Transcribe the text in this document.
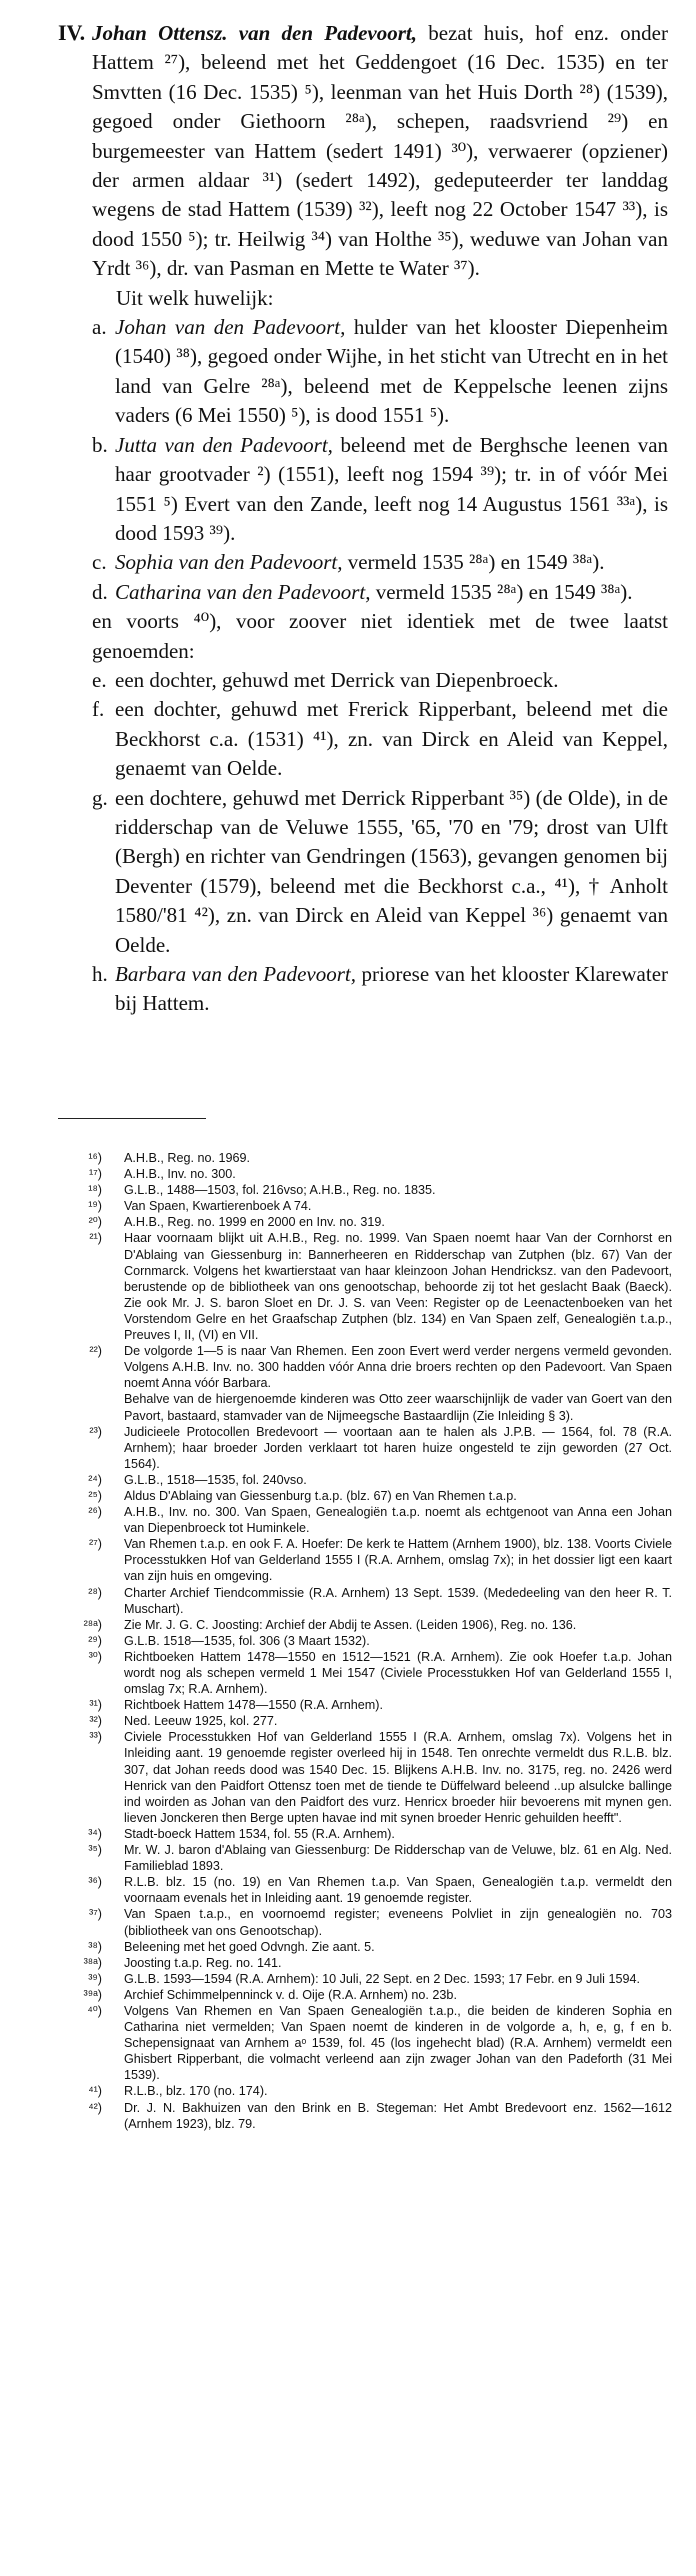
IV. Johan Ottensz. van den Padevoort, bezat huis, hof enz. onder Hattem ²⁷), beleend met het Geddengoet (16 Dec. 1535) en ter Smvtten (16 Dec. 1535) ⁵), leenman van het Huis Dorth ²⁸) (1539), gegoed onder Giethoorn ²⁸ᵃ), schepen, raadsvriend ²⁹) en burgemeester van Hattem (sedert 1491) ³⁰), verwaerer (opziener) der armen aldaar ³¹) (sedert 1492), gedeputeerder ter landdag wegens de stad Hattem (1539) ³²), leeft nog 22 October 1547 ³³), is dood 1550 ⁵); tr. Heilwig ³⁴) van Holthe ³⁵), weduwe van Johan van Yrdt ³⁶), dr. van Pasman en Mette te Water ³⁷).

Uit welk huwelijk:

a. Johan van den Padevoort, hulder van het klooster Diepenheim (1540) ³⁸), gegoed onder Wijhe, in het sticht van Utrecht en in het land van Gelre ²⁸ᵃ), beleend met de Keppelsche leenen zijns vaders (6 Mei 1550) ⁵), is dood 1551 ⁵).

b. Jutta van den Padevoort, beleend met de Berghsche leenen van haar grootvader ²) (1551), leeft nog 1594 ³⁹); tr. in of vóór Mei 1551 ⁵) Evert van den Zande, leeft nog 14 Augustus 1561 ³³ᵃ), is dood 1593 ³⁹).

c. Sophia van den Padevoort, vermeld 1535 ²⁸ᵃ) en 1549 ³⁸ᵃ).

d. Catharina van den Padevoort, vermeld 1535 ²⁸ᵃ) en 1549 ³⁸ᵃ).

en voorts ⁴⁰), voor zoover niet identiek met de twee laatst genoemden:

e. een dochter, gehuwd met Derrick van Diepenbroeck.

f. een dochter, gehuwd met Frerick Ripperbant, beleend met die Beckhorst c.a. (1531) ⁴¹), zn. van Dirck en Aleid van Keppel, genaemt van Oelde.

g. een dochtere, gehuwd met Derrick Ripperbant ³⁵) (de Olde), in de ridderschap van de Veluwe 1555, '65, '70 en '79; drost van Ulft (Bergh) en richter van Gendringen (1563), gevangen genomen bij Deventer (1579), beleend met die Beckhorst c.a., ⁴¹), † Anholt 1580/'81 ⁴²), zn. van Dirck en Aleid van Keppel ³⁶) genaemt van Oelde.

h. Barbara van den Padevoort, priorese van het klooster Klarewater bij Hattem.

¹⁶) A.H.B., Reg. no. 1969.
¹⁷) A.H.B., Inv. no. 300.
¹⁸) G.L.B., 1488—1503, fol. 216vso; A.H.B., Reg. no. 1835.
¹⁹) Van Spaen, Kwartierenboek A 74.
²⁰) A.H.B., Reg. no. 1999 en 2000 en Inv. no. 319.
²¹) Haar voornaam blijkt uit A.H.B., Reg. no. 1999. Van Spaen noemt haar Van der Cornhorst en D'Ablaing van Giessenburg in: Bannerheeren en Ridderschap van Zutphen (blz. 67) Van der Cornmarck. Volgens het kwartierstaat van haar kleinzoon Johan Hendricksz. van den Padevoort, berustende op de bibliotheek van ons genootschap, behoorde zij tot het geslacht Baak (Baeck). Zie ook Mr. J. S. baron Sloet en Dr. J. S. van Veen: Register op de Leenactenboeken van het Vorstendom Gelre en het Graafschap Zutphen (blz. 134) en Van Spaen zelf, Genealogiën t.a.p., Preuves I, II, (VI) en VII.
²²) De volgorde 1—5 is naar Van Rhemen. Een zoon Evert werd verder nergens vermeld gevonden. Volgens A.H.B. Inv. no. 300 hadden vóór Anna drie broers rechten op den Padevoort. Van Spaen noemt Anna vóór Barbara.
Behalve van de hiergenoemde kinderen was Otto zeer waarschijnlijk de vader van Goert van den Pavort, bastaard, stamvader van de Nijmeegsche Bastaardlijn (Zie Inleiding § 3).
²³) Judicieele Protocollen Bredevoort — voortaan aan te halen als J.P.B. — 1564, fol. 78 (R.A. Arnhem); haar broeder Jorden verklaart tot haren huize ongesteld te zijn geworden (27 Oct. 1564).
²⁴) G.L.B., 1518—1535, fol. 240vso.
²⁵) Aldus D'Ablaing van Giessenburg t.a.p. (blz. 67) en Van Rhemen t.a.p.
²⁶) A.H.B., Inv. no. 300. Van Spaen, Genealogiën t.a.p. noemt als echtgenoot van Anna een Johan van Diepenbroeck tot Huminkele.
²⁷) Van Rhemen t.a.p. en ook F. A. Hoefer: De kerk te Hattem (Arnhem 1900), blz. 138. Voorts Civiele Processtukken Hof van Gelderland 1555 I (R.A. Arnhem, omslag 7x); in het dossier ligt een kaart van zijn huis en omgeving.
²⁸) Charter Archief Tiendcommissie (R.A. Arnhem) 13 Sept. 1539. (Mededeeling van den heer R. T. Muschart).
²⁸ᵃ) Zie Mr. J. G. C. Joosting: Archief der Abdij te Assen. (Leiden 1906), Reg. no. 136.
²⁹) G.L.B. 1518—1535, fol. 306 (3 Maart 1532).
³⁰) Richtboeken Hattem 1478—1550 en 1512—1521 (R.A. Arnhem). Zie ook Hoefer t.a.p. Johan wordt nog als schepen vermeld 1 Mei 1547 (Civiele Processtukken Hof van Gelderland 1555 I, omslag 7x; R.A. Arnhem).
³¹) Richtboek Hattem 1478—1550 (R.A. Arnhem).
³²) Ned. Leeuw 1925, kol. 277.
³³) Civiele Processtukken Hof van Gelderland 1555 I (R.A. Arnhem, omslag 7x). Volgens het in Inleiding aant. 19 genoemde register overleed hij in 1548. Ten onrechte vermeldt dus R.L.B. blz. 307, dat Johan reeds dood was 1540 Dec. 15. Blijkens A.H.B. Inv. no. 3175, reg. no. 2426 werd Henrick van den Paidfort Ottensz toen met de tiende te Düffelward beleend ..up alsulcke ballinge ind woirden as Johan van den Paidfort des vurz. Henricx broeder hiir bevoerens mit mynen gen. lieven Jonckeren then Berge upten havae ind mit synen broeder Henric gehuilden heefft".
³⁴) Stadt-boeck Hattem 1534, fol. 55 (R.A. Arnhem).
³⁵) Mr. W. J. baron d'Ablaing van Giessenburg: De Ridderschap van de Veluwe, blz. 61 en Alg. Ned. Familieblad 1893.
³⁶) R.L.B. blz. 15 (no. 19) en Van Rhemen t.a.p. Van Spaen, Genealogiën t.a.p. vermeldt den voornaam evenals het in Inleiding aant. 19 genoemde register.
³⁷) Van Spaen t.a.p., en voornoemd register; eveneens Polvliet in zijn genealogiën no. 703 (bibliotheek van ons Genootschap).
³⁸) Beleening met het goed Odvngh. Zie aant. 5.
³⁸ᵃ) Joosting t.a.p. Reg. no. 141.
³⁹) G.L.B. 1593—1594 (R.A. Arnhem): 10 Juli, 22 Sept. en 2 Dec. 1593; 17 Febr. en 9 Juli 1594.
³⁹ᵃ) Archief Schimmelpenninck v. d. Oije (R.A. Arnhem) no. 23b.
⁴⁰) Volgens Van Rhemen en Van Spaen Genealogiën t.a.p., die beiden de kinderen Sophia en Catharina niet vermelden; Van Spaen noemt de kinderen in de volgorde a, h, e, g, f en b. Schepensignaat van Arnhem aᵒ 1539, fol. 45 (los ingehecht blad) (R.A. Arnhem) vermeldt een Ghisbert Ripperbant, die volmacht verleend aan zijn zwager Johan van den Padeforth (31 Mei 1539).
⁴¹) R.L.B., blz. 170 (no. 174).
⁴²) Dr. J. N. Bakhuizen van den Brink en B. Stegeman: Het Ambt Bredevoort enz. 1562—1612 (Arnhem 1923), blz. 79.
